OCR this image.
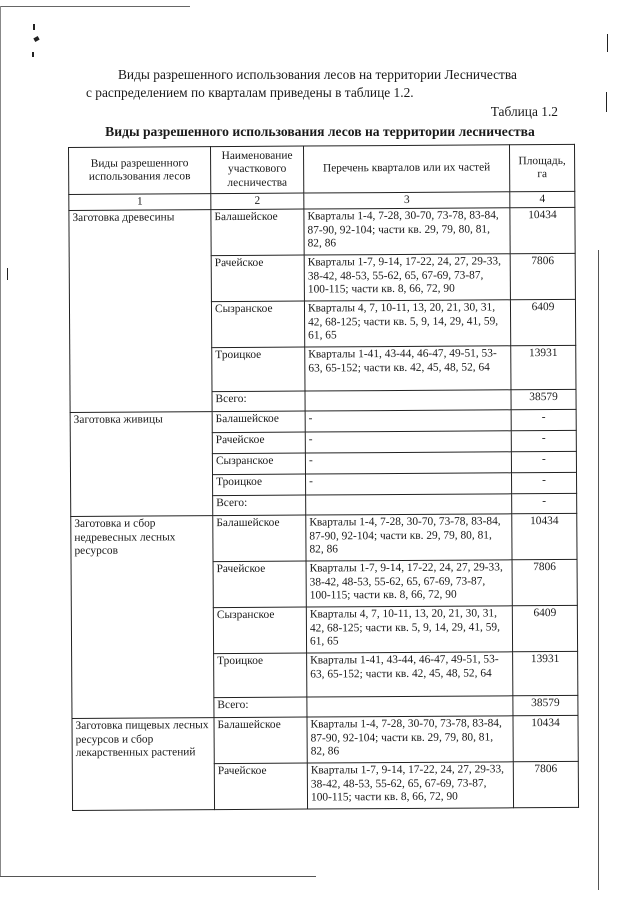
Виды разрешенного использования лесов на территории Лесничества
с распределением по кварталам приведены в таблице 1.2.
Таблица 1.2
Виды разрешенного использования лесов на территории лесничества
Виды разрешенного использования лесов	Наименование участкового лесничества	Перечень кварталов или их частей	Площадь, га
1	2	3	4
Заготовка древесины	Балашейское	Кварталы 1-4, 7-28, 30-70, 73-78, 83-84, 87-90, 92-104; части кв. 29, 79, 80, 81, 82, 86	10434
	Рачейское	Кварталы 1-7, 9-14, 17-22, 24, 27, 29-33, 38-42, 48-53, 55-62, 65, 67-69, 73-87, 100-115; части кв. 8, 66, 72, 90	7806
	Сызранское	Кварталы 4, 7, 10-11, 13, 20, 21, 30, 31, 42, 68-125; части кв. 5, 9, 14, 29, 41, 59, 61, 65	6409
	Троицкое	Кварталы 1-41, 43-44, 46-47, 49-51, 53-63, 65-152; части кв. 42, 45, 48, 52, 64	13931
	Всего:		38579
Заготовка живицы	Балашейское	-	-
	Рачейское	-	-
	Сызранское	-	-
	Троицкое	-	-
	Всего:		-
Заготовка и сбор недревесных лесных ресурсов	Балашейское	Кварталы 1-4, 7-28, 30-70, 73-78, 83-84, 87-90, 92-104; части кв. 29, 79, 80, 81, 82, 86	10434
	Рачейское	Кварталы 1-7, 9-14, 17-22, 24, 27, 29-33, 38-42, 48-53, 55-62, 65, 67-69, 73-87, 100-115; части кв. 8, 66, 72, 90	7806
	Сызранское	Кварталы 4, 7, 10-11, 13, 20, 21, 30, 31, 42, 68-125; части кв. 5, 9, 14, 29, 41, 59, 61, 65	6409
	Троицкое	Кварталы 1-41, 43-44, 46-47, 49-51, 53-63, 65-152; части кв. 42, 45, 48, 52, 64	13931
	Всего:		38579
Заготовка пищевых лесных ресурсов и сбор лекарственных растений	Балашейское	Кварталы 1-4, 7-28, 30-70, 73-78, 83-84, 87-90, 92-104; части кв. 29, 79, 80, 81, 82, 86	10434
	Рачейское	Кварталы 1-7, 9-14, 17-22, 24, 27, 29-33, 38-42, 48-53, 55-62, 65, 67-69, 73-87, 100-115; части кв. 8, 66, 72, 90	7806
